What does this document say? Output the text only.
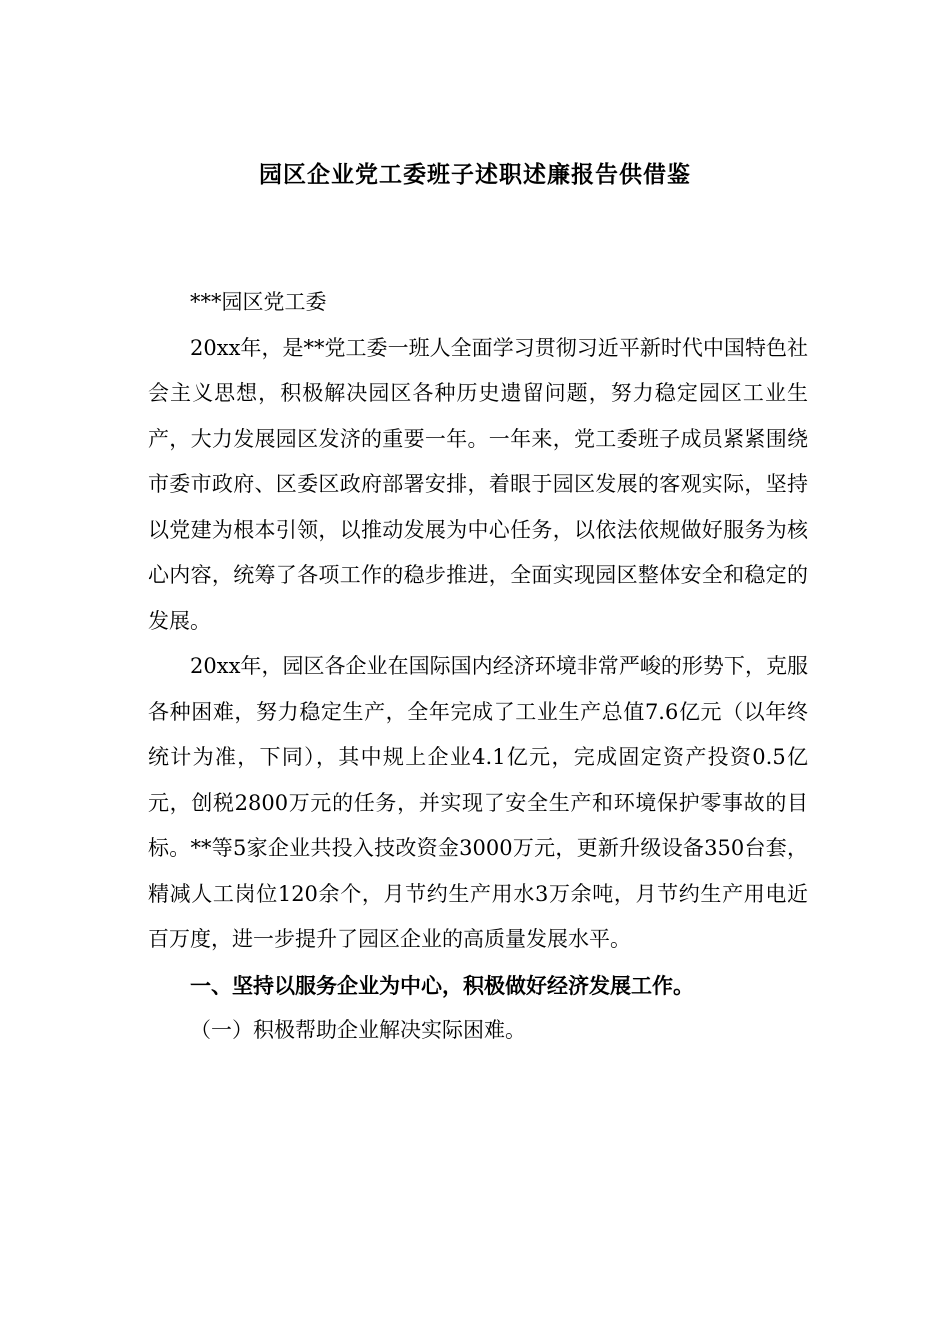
园区企业党工委班子述职述廉报告供借鉴

***园区党工委

20xx年，是**党工委一班人全面学习贯彻习近平新时代中国特色社会主义思想，积极解决园区各种历史遗留问题，努力稳定园区工业生产，大力发展园区发济的重要一年。一年来，党工委班子成员紧紧围绕市委市政府、区委区政府部署安排，着眼于园区发展的客观实际，坚持以党建为根本引领，以推动发展为中心任务，以依法依规做好服务为核心内容，统筹了各项工作的稳步推进，全面实现园区整体安全和稳定的发展。

20xx年，园区各企业在国际国内经济环境非常严峻的形势下，克服各种困难，努力稳定生产，全年完成了工业生产总值7.6亿元（以年终统计为准，下同），其中规上企业4.1亿元，完成固定资产投资0.5亿元，创税2800万元的任务，并实现了安全生产和环境保护零事故的目标。**等5家企业共投入技改资金3000万元，更新升级设备350台套，精减人工岗位120余个，月节约生产用水3万余吨，月节约生产用电近百万度，进一步提升了园区企业的高质量发展水平。

一、坚持以服务企业为中心，积极做好经济发展工作。

（一）积极帮助企业解决实际困难。
